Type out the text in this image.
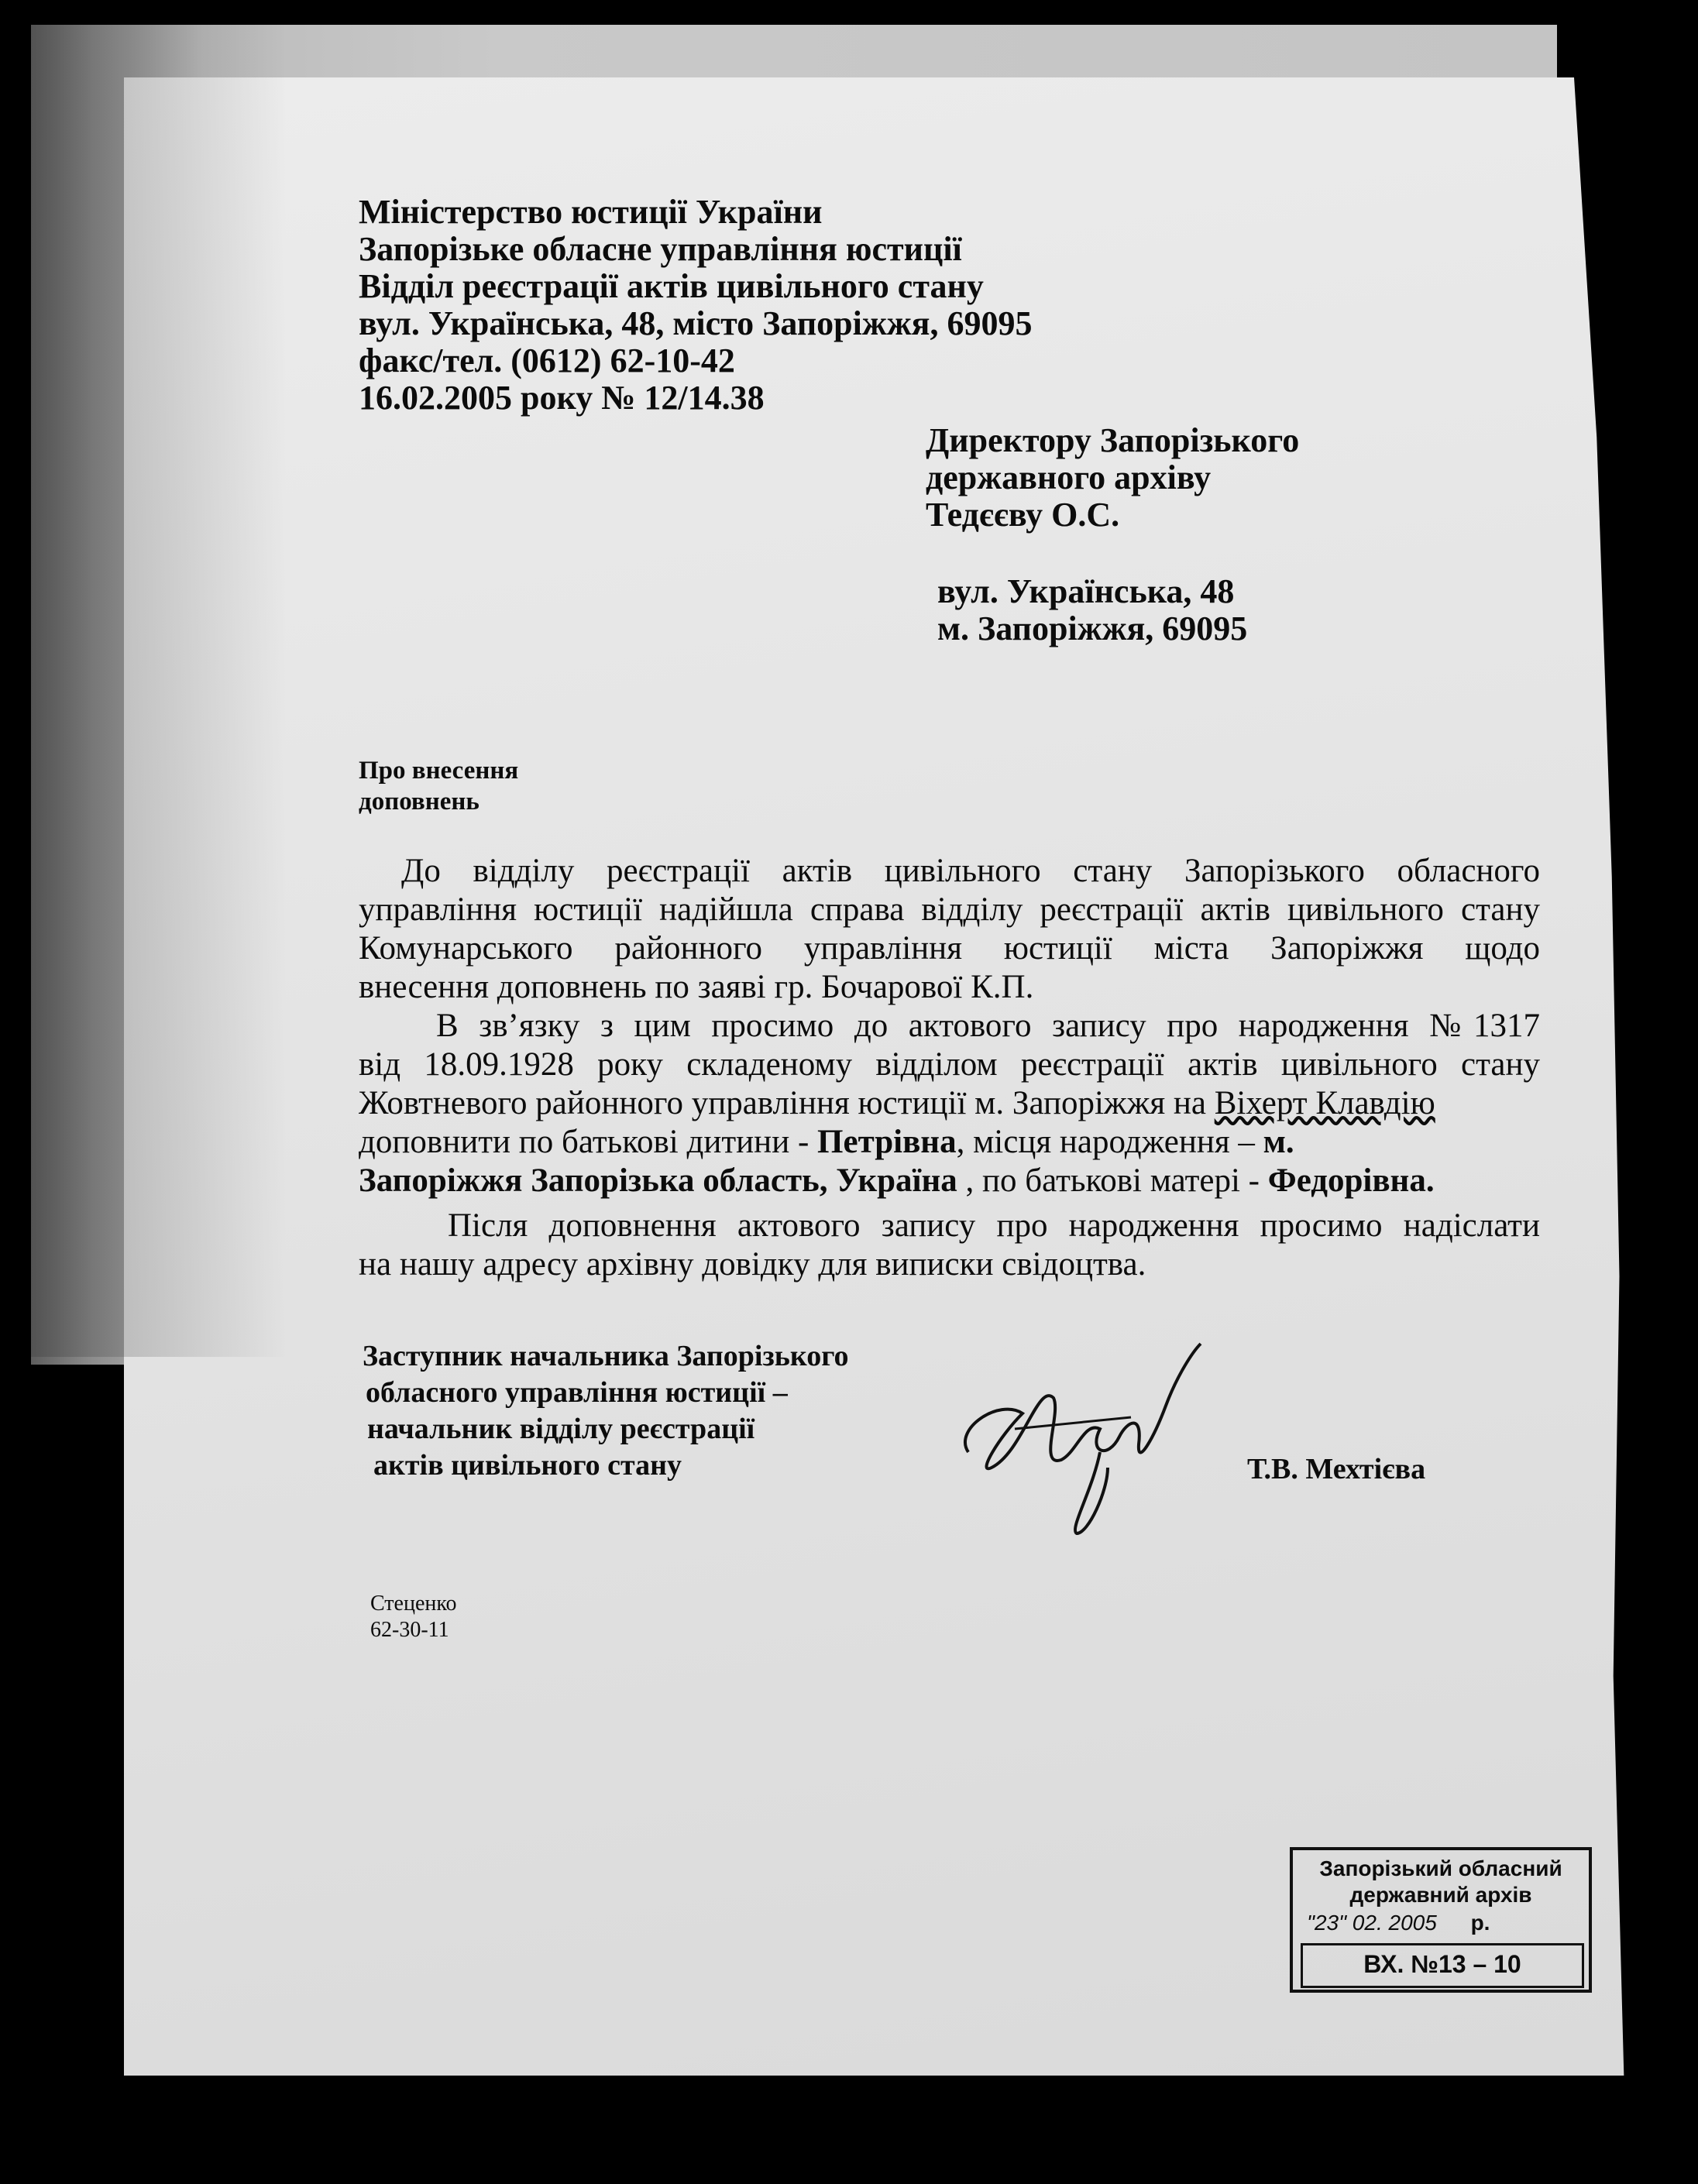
Міністерство юстиції України
Запорізьке обласне управління юстиції
Відділ реєстрації актів цивільного стану
вул. Українська, 48, місто Запоріжжя, 69095
факс/тел. (0612) 62-10-42
16.02.2005 року № 12/14.38
Директору Запорізького
державного архіву
Тедєєву О.С.
вул. Українська, 48
м. Запоріжжя, 69095
Про внесення
доповнень
До відділу реєстрації актів цивільного стану Запорізького обласного
управління юстиції надійшла справа відділу реєстрації актів цивільного стану
Комунарського районного управління юстиції міста Запоріжжя щодо
внесення доповнень по заяві гр. Бочарової К.П.
В зв’язку з цим просимо до актового запису про народження №1317
від 18.09.1928 року складеному відділом реєстрації актів цивільного стану
Жовтневого районного управління юстиції м. Запоріжжя на Віхерт Клавдію
доповнити по батькові дитини - Петрівна, місця народження – м.
Запоріжжя Запорізька область, Україна , по батькові матері - Федорівна.
Після доповнення актового запису про народження просимо надіслати
на нашу адресу архівну довідку для виписки свідоцтва.
Заступник начальника Запорізького
обласного управління юстиції –
начальник відділу реєстрації
актів цивільного стану	Т.В. Мехтієва
Стеценко
62-30-11
Запорізький обласний
державний архів
"23" 02. 2005 р.
ВХ. №13 – 10
